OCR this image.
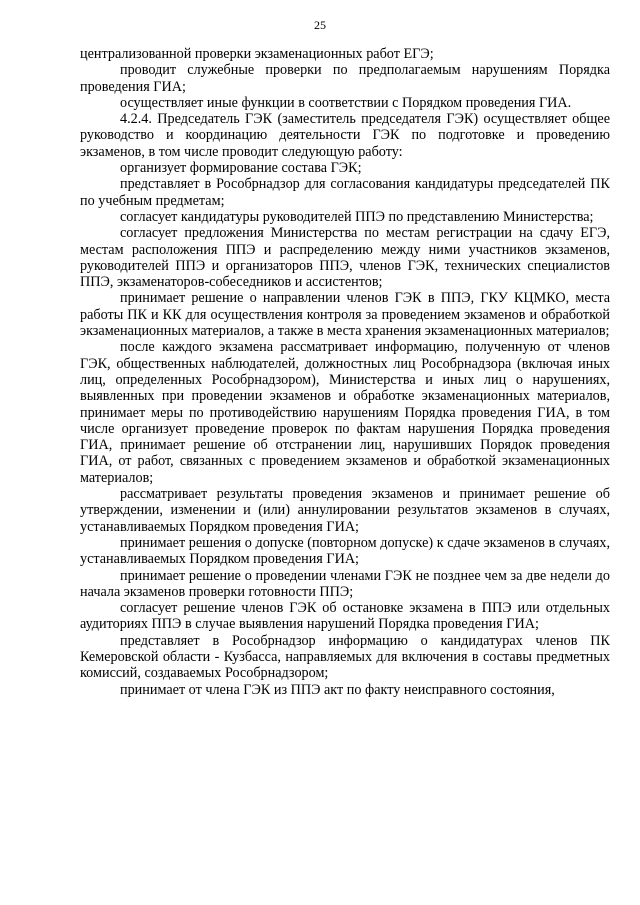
25

централизованной проверки экзаменационных работ ЕГЭ;

проводит служебные проверки по предполагаемым нарушениям Порядка проведения ГИА;

осуществляет иные функции в соответствии с Порядком проведения ГИА.

4.2.4. Председатель ГЭК (заместитель председателя ГЭК) осуществляет общее руководство и координацию деятельности ГЭК по подготовке и проведению экзаменов, в том числе проводит следующую работу:

организует формирование состава ГЭК;

представляет в Рособрнадзор для согласования кандидатуры председателей ПК по учебным предметам;

согласует кандидатуры руководителей ППЭ по представлению Министерства;

согласует предложения Министерства по местам регистрации на сдачу ЕГЭ, местам расположения ППЭ и распределению между ними участников экзаменов, руководителей ППЭ и организаторов ППЭ, членов ГЭК, технических специалистов ППЭ, экзаменаторов-собеседников и ассистентов;

принимает решение о направлении членов ГЭК в ППЭ, ГКУ КЦМКО, места работы ПК и КК для осуществления контроля за проведением экзаменов и обработкой экзаменационных материалов, а также в места хранения экзаменационных материалов;

после каждого экзамена рассматривает информацию, полученную от членов ГЭК, общественных наблюдателей, должностных лиц Рособрнадзора (включая иных лиц, определенных Рособрнадзором), Министерства и иных лиц о нарушениях, выявленных при проведении экзаменов и обработке экзаменационных материалов, принимает меры по противодействию нарушениям Порядка проведения ГИА, в том числе организует проведение проверок по фактам нарушения Порядка проведения ГИА, принимает решение об отстранении лиц, нарушивших Порядок проведения ГИА, от работ, связанных с проведением экзаменов и обработкой экзаменационных материалов;

рассматривает результаты проведения экзаменов и принимает решение об утверждении, изменении и (или) аннулировании результатов экзаменов в случаях, устанавливаемых Порядком проведения ГИА;

принимает решения о допуске (повторном допуске) к сдаче экзаменов в случаях, устанавливаемых Порядком проведения ГИА;

принимает решение о проведении членами ГЭК не позднее чем за две недели до начала экзаменов проверки готовности ППЭ;

согласует решение членов ГЭК об остановке экзамена в ППЭ или отдельных аудиториях ППЭ в случае выявления нарушений Порядка проведения ГИА;

представляет в Рособрнадзор информацию о кандидатурах членов ПК Кемеровской области - Кузбасса, направляемых для включения в составы предметных комиссий, создаваемых Рособрнадзором;

принимает от члена ГЭК из ППЭ акт по факту неисправного состояния,
